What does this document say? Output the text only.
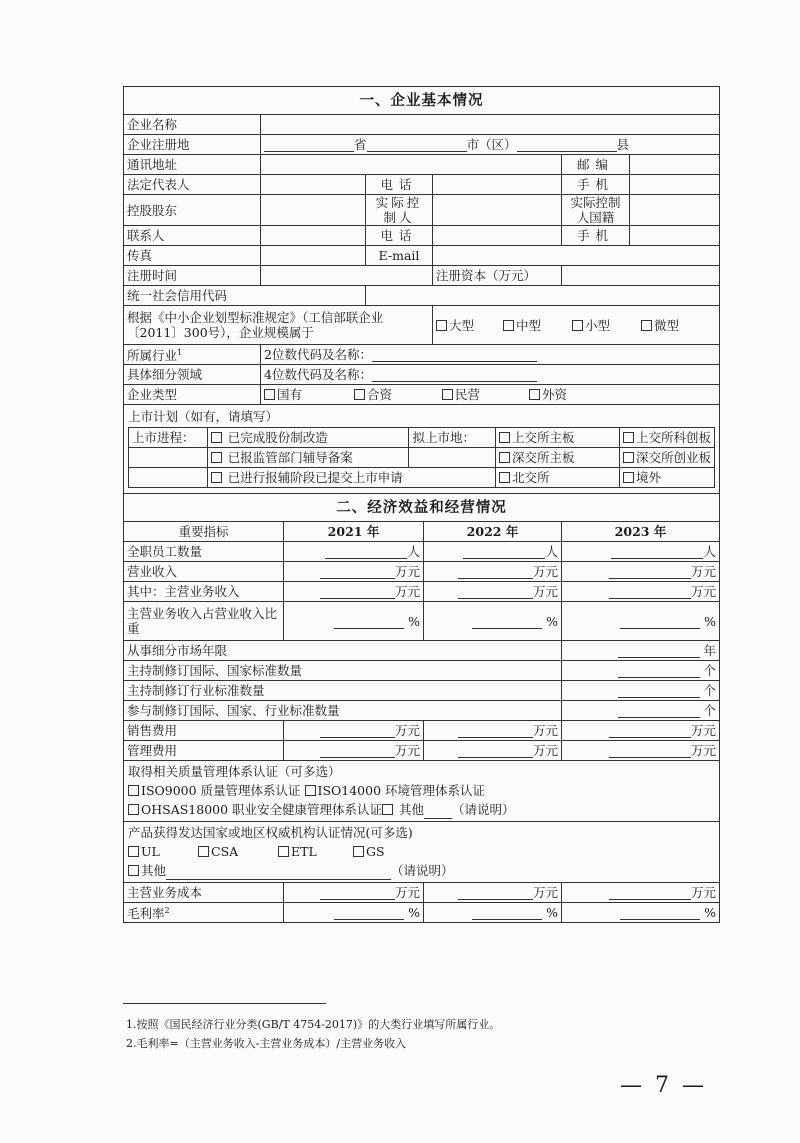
一、企业基本情况
企业名称	
企业注册地	省	市（区）	县
通讯地址		邮编	
法定代表人		电话		手机	
控股股东		实际控制人		实际控制人国籍	
联系人		电话		手机	
传真		E-mail	
注册时间		注册资本（万元）	
统一社会信用代码	
根据《中小企业划型标准规定》（工信部联企业〔2011〕300号），企业规模属于	大型	中型	小型	微型
所属行业$^1$	2位数代码及名称：
具体细分领域	4位数代码及名称：
企业类型	国有	合资	民营	外资

上市计划（如有，请填写）
上市进程：	已完成股份制改造	拟上市地：	上交所主板	上交所科创板
	已报监管部门辅导备案		深交所主板	深交所创业板
	已进行报辅阶段已提交上市申请	北交所	境外
二、经济效益和经营情况			
重要指标	2021 年	2022 年	2023 年
全职员工数量	人	人	人
营业收入	万元	万元	万元
其中：主营业务收入	万元	万元	万元
主营业务收入占营业收入比重	%	%	%
从事细分市场年限			年
主持制修订国际、国家标准数量			个
主持制修订行业标准数量			个
参与制修订国际、国家、行业标准数量			个
销售费用	万元	万元	万元
管理费用	万元	万元	万元

取得相关质量管理体系认证（可多选）
ISO9000 质量管理体系认证 ISO14000 环境管理体系认证
OHSAS18000 职业安全健康管理体系认证 其他 （请说明）			

产品获得发达国家或地区权威机构认证情况(可多选)
UL CSA ETL GS
其他 （请说明）			

主营业务成本	万元	万元	万元
毛利率$^2$	%	%	%
1.按照《国民经济行业分类(GB/T 4754-2017)》的大类行业填写所属行业。
2.毛利率=（主营业务收入-主营业务成本）/主营业务收入
— 7 —
